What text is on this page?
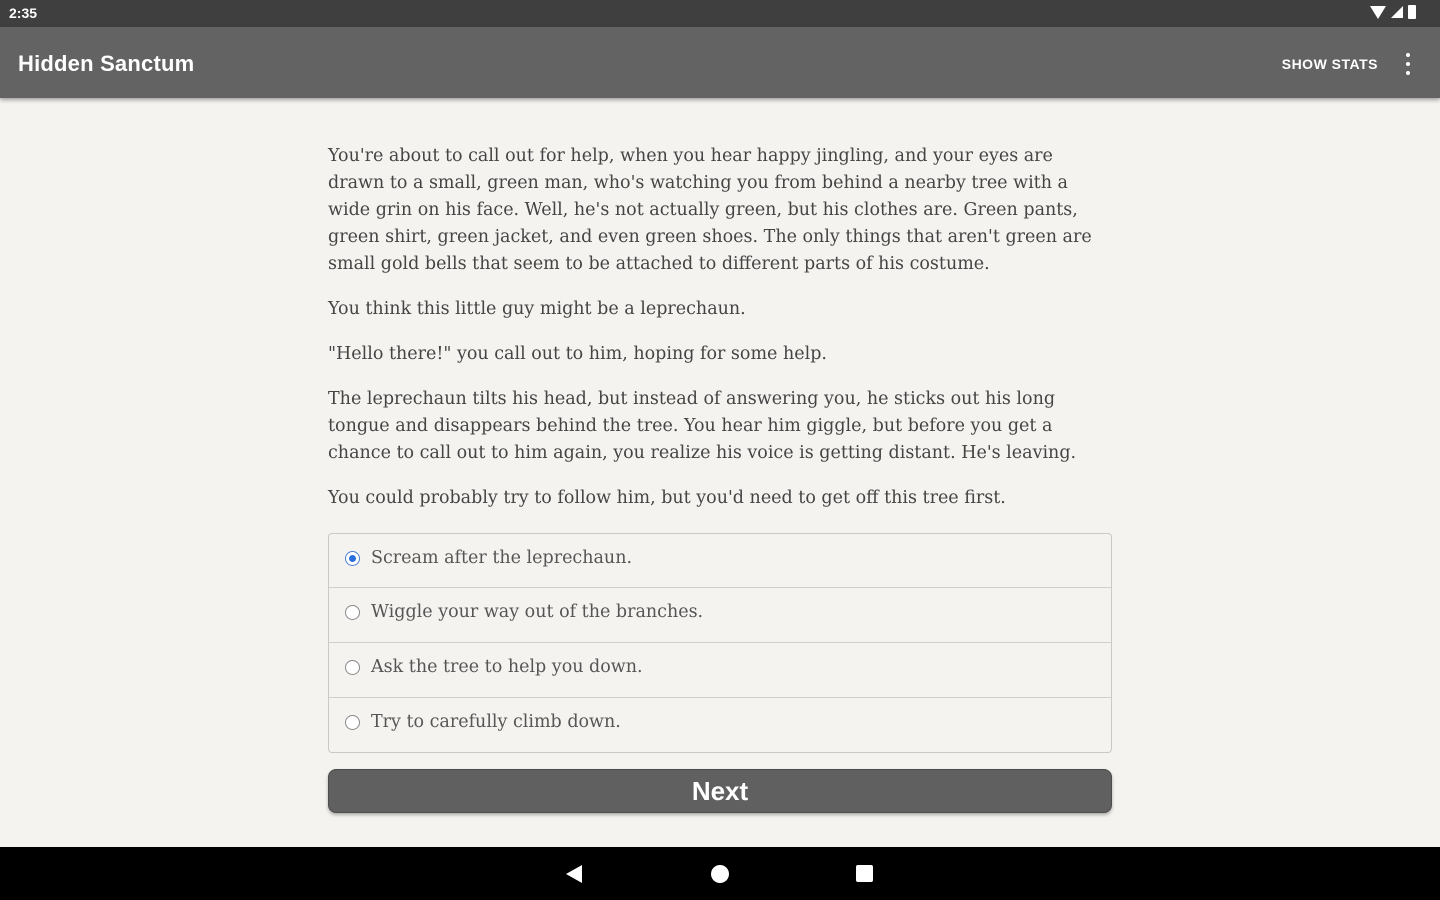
2:35
Hidden Sanctum	SHOW STATS

You're about to call out for help, when you hear happy jingling, and your eyes are drawn to a small, green man, who's watching you from behind a nearby tree with a wide grin on his face. Well, he's not actually green, but his clothes are. Green pants, green shirt, green jacket, and even green shoes. The only things that aren't green are small gold bells that seem to be attached to different parts of his costume.

You think this little guy might be a leprechaun.

"Hello there!" you call out to him, hoping for some help.

The leprechaun tilts his head, but instead of answering you, he sticks out his long tongue and disappears behind the tree. You hear him giggle, but before you get a chance to call out to him again, you realize his voice is getting distant. He's leaving.

You could probably try to follow him, but you'd need to get off this tree first.

Scream after the leprechaun.
Wiggle your way out of the branches.
Ask the tree to help you down.
Try to carefully climb down.
Next
